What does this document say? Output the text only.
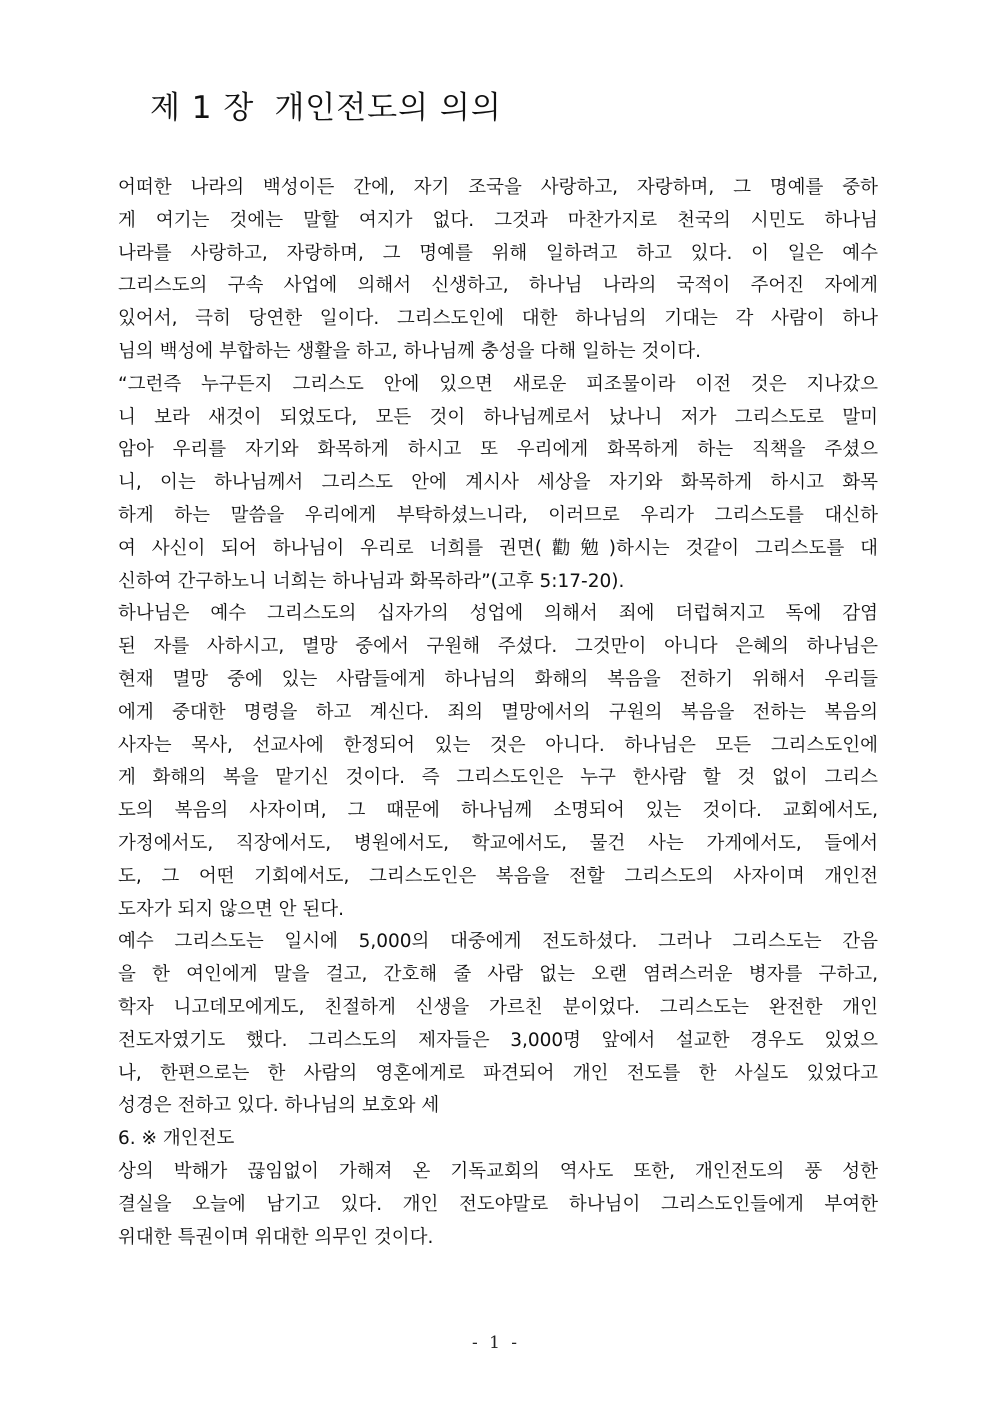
제 1 장 개인전도의 의의
어떠한 나라의 백성이든 간에, 자기 조국을 사랑하고, 자랑하며, 그 명예를 중하
게 여기는 것에는 말할 여지가 없다. 그것과 마찬가지로 천국의 시민도 하나님
나라를 사랑하고, 자랑하며, 그 명예를 위해 일하려고 하고 있다. 이 일은 예수
그리스도의 구속 사업에 의해서 신생하고, 하나님 나라의 국적이 주어진 자에게
있어서, 극히 당연한 일이다. 그리스도인에 대한 하나님의 기대는 각 사람이 하나
님의 백성에 부합하는 생활을 하고, 하나님께 충성을 다해 일하는 것이다.
“그런즉 누구든지 그리스도 안에 있으면 새로운 피조물이라 이전 것은 지나갔으
니 보라 새것이 되었도다, 모든 것이 하나님께로서 났나니 저가 그리스도로 말미
암아 우리를 자기와 화목하게 하시고 또 우리에게 화목하게 하는 직책을 주셨으
니, 이는 하나님께서 그리스도 안에 계시사 세상을 자기와 화목하게 하시고 화목
하게 하는 말씀을 우리에게 부탁하셨느니라, 이러므로 우리가 그리스도를 대신하
여 사신이 되어 하나님이 우리로 너희를 권면(勸勉)하시는 것같이 그리스도를 대
신하여 간구하노니 너희는 하나님과 화목하라”(고후 5:17-20).
하나님은 예수 그리스도의 십자가의 성업에 의해서 죄에 더럽혀지고 독에 감염
된 자를 사하시고, 멸망 중에서 구원해 주셨다. 그것만이 아니다 은혜의 하나님은
현재 멸망 중에 있는 사람들에게 하나님의 화해의 복음을 전하기 위해서 우리들
에게 중대한 명령을 하고 계신다. 죄의 멸망에서의 구원의 복음을 전하는 복음의
사자는 목사, 선교사에 한정되어 있는 것은 아니다. 하나님은 모든 그리스도인에
게 화해의 복을 맡기신 것이다. 즉 그리스도인은 누구 한사람 할 것 없이 그리스
도의 복음의 사자이며, 그 때문에 하나님께 소명되어 있는 것이다. 교회에서도,
가정에서도, 직장에서도, 병원에서도, 학교에서도, 물건 사는 가게에서도, 들에서
도, 그 어떤 기회에서도, 그리스도인은 복음을 전할 그리스도의 사자이며 개인전
도자가 되지 않으면 안 된다.
예수 그리스도는 일시에 5,000의 대중에게 전도하셨다. 그러나 그리스도는 간음
을 한 여인에게 말을 걸고, 간호해 줄 사람 없는 오랜 염려스러운 병자를 구하고,
학자 니고데모에게도, 친절하게 신생을 가르친 분이었다. 그리스도는 완전한 개인
전도자였기도 했다. 그리스도의 제자들은 3,000명 앞에서 설교한 경우도 있었으
나, 한편으로는 한 사람의 영혼에게로 파견되어 개인 전도를 한 사실도 있었다고
성경은 전하고 있다. 하나님의 보호와 세
6. ※ 개인전도
상의 박해가 끊임없이 가해져 온 기독교회의 역사도 또한, 개인전도의 풍 성한
결실을 오늘에 남기고 있다. 개인 전도야말로 하나님이 그리스도인들에게 부여한
위대한 특권이며 위대한 의무인 것이다.
- 1 -
